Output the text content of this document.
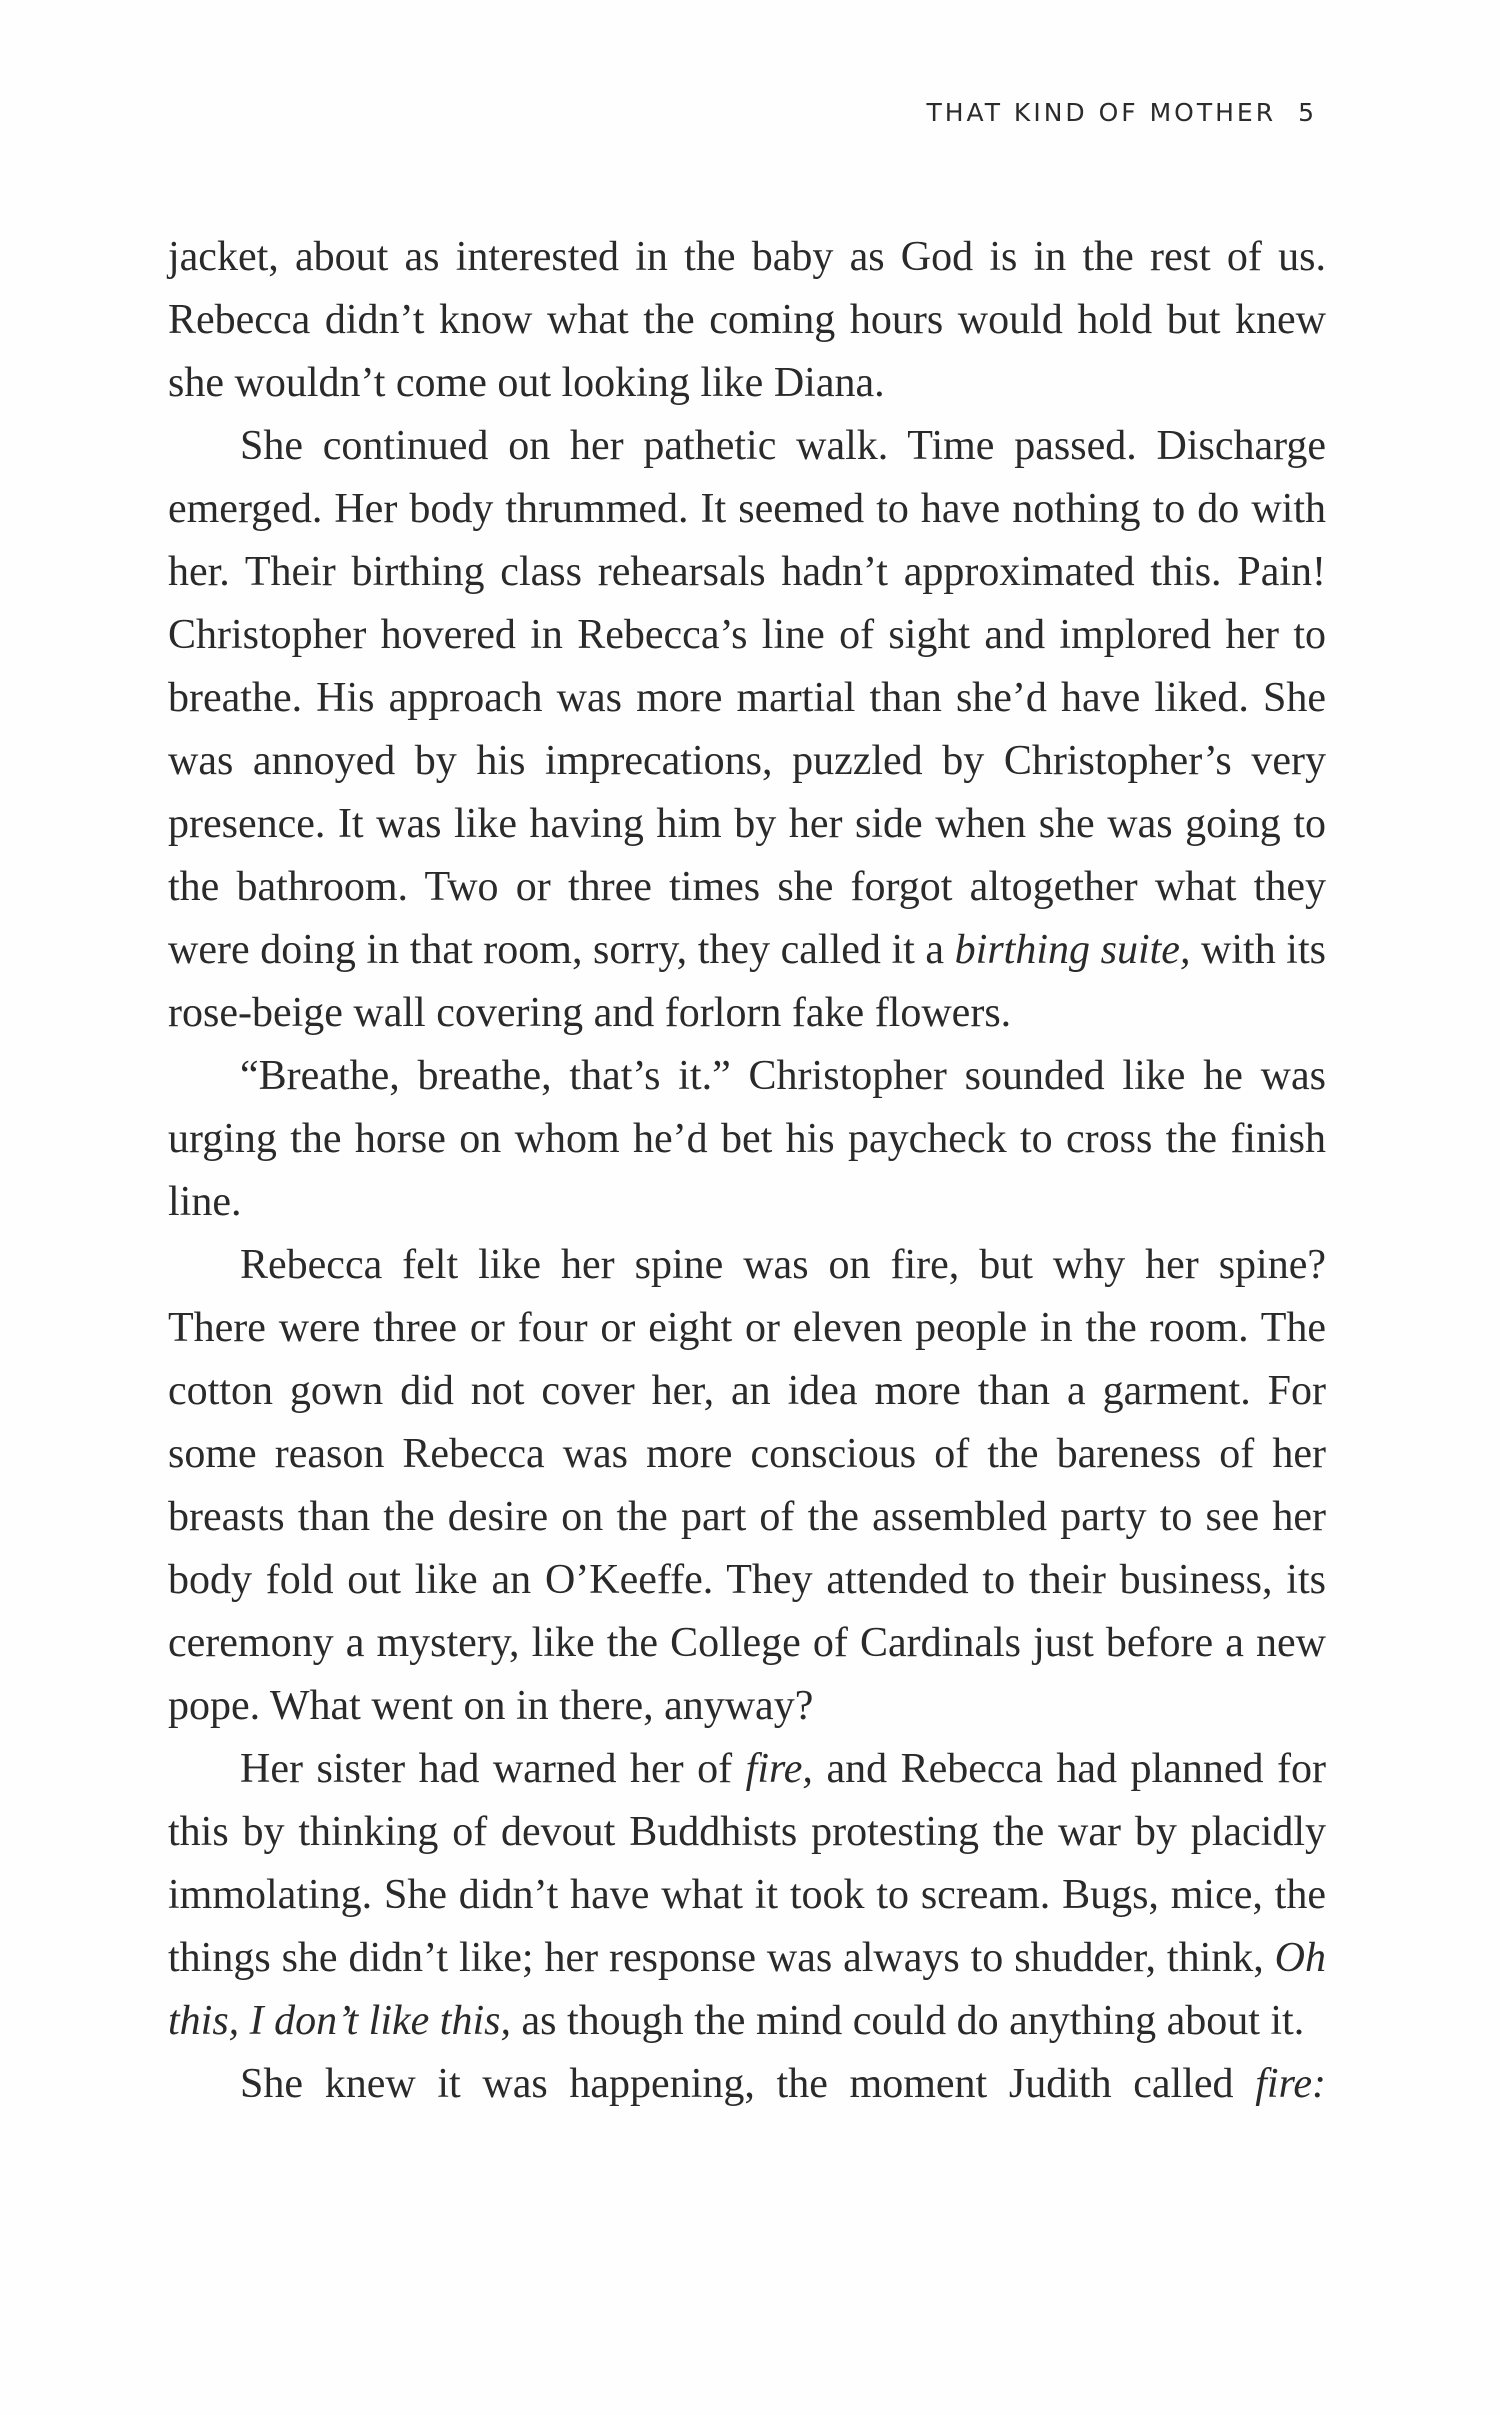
THAT KIND OF MOTHER 5

jacket, about as interested in the baby as God is in the rest of us. Rebecca didn’t know what the coming hours would hold but knew she wouldn’t come out looking like Diana.

She continued on her pathetic walk. Time passed. Discharge emerged. Her body thrummed. It seemed to have nothing to do with her. Their birthing class rehearsals hadn’t approximated this. Pain! Christopher hovered in Rebecca’s line of sight and implored her to breathe. His approach was more martial than she’d have liked. She was annoyed by his imprecations, puzzled by Christopher’s very presence. It was like having him by her side when she was going to the bathroom. Two or three times she forgot altogether what they were doing in that room, sorry, they called it a birthing suite, with its rose-beige wall covering and forlorn fake flowers.

“Breathe, breathe, that’s it.” Christopher sounded like he was urging the horse on whom he’d bet his paycheck to cross the finish line.

Rebecca felt like her spine was on fire, but why her spine? There were three or four or eight or eleven people in the room. The cotton gown did not cover her, an idea more than a garment. For some reason Rebecca was more conscious of the bareness of her breasts than the desire on the part of the assembled party to see her body fold out like an O’Keeffe. They attended to their business, its ceremony a mystery, like the College of Cardinals just before a new pope. What went on in there, anyway?

Her sister had warned her of fire, and Rebecca had planned for this by thinking of devout Buddhists protesting the war by placidly immolating. She didn’t have what it took to scream. Bugs, mice, the things she didn’t like; her response was always to shudder, think, Oh this, I don’t like this, as though the mind could do anything about it.

She knew it was happening, the moment Judith called fire:
